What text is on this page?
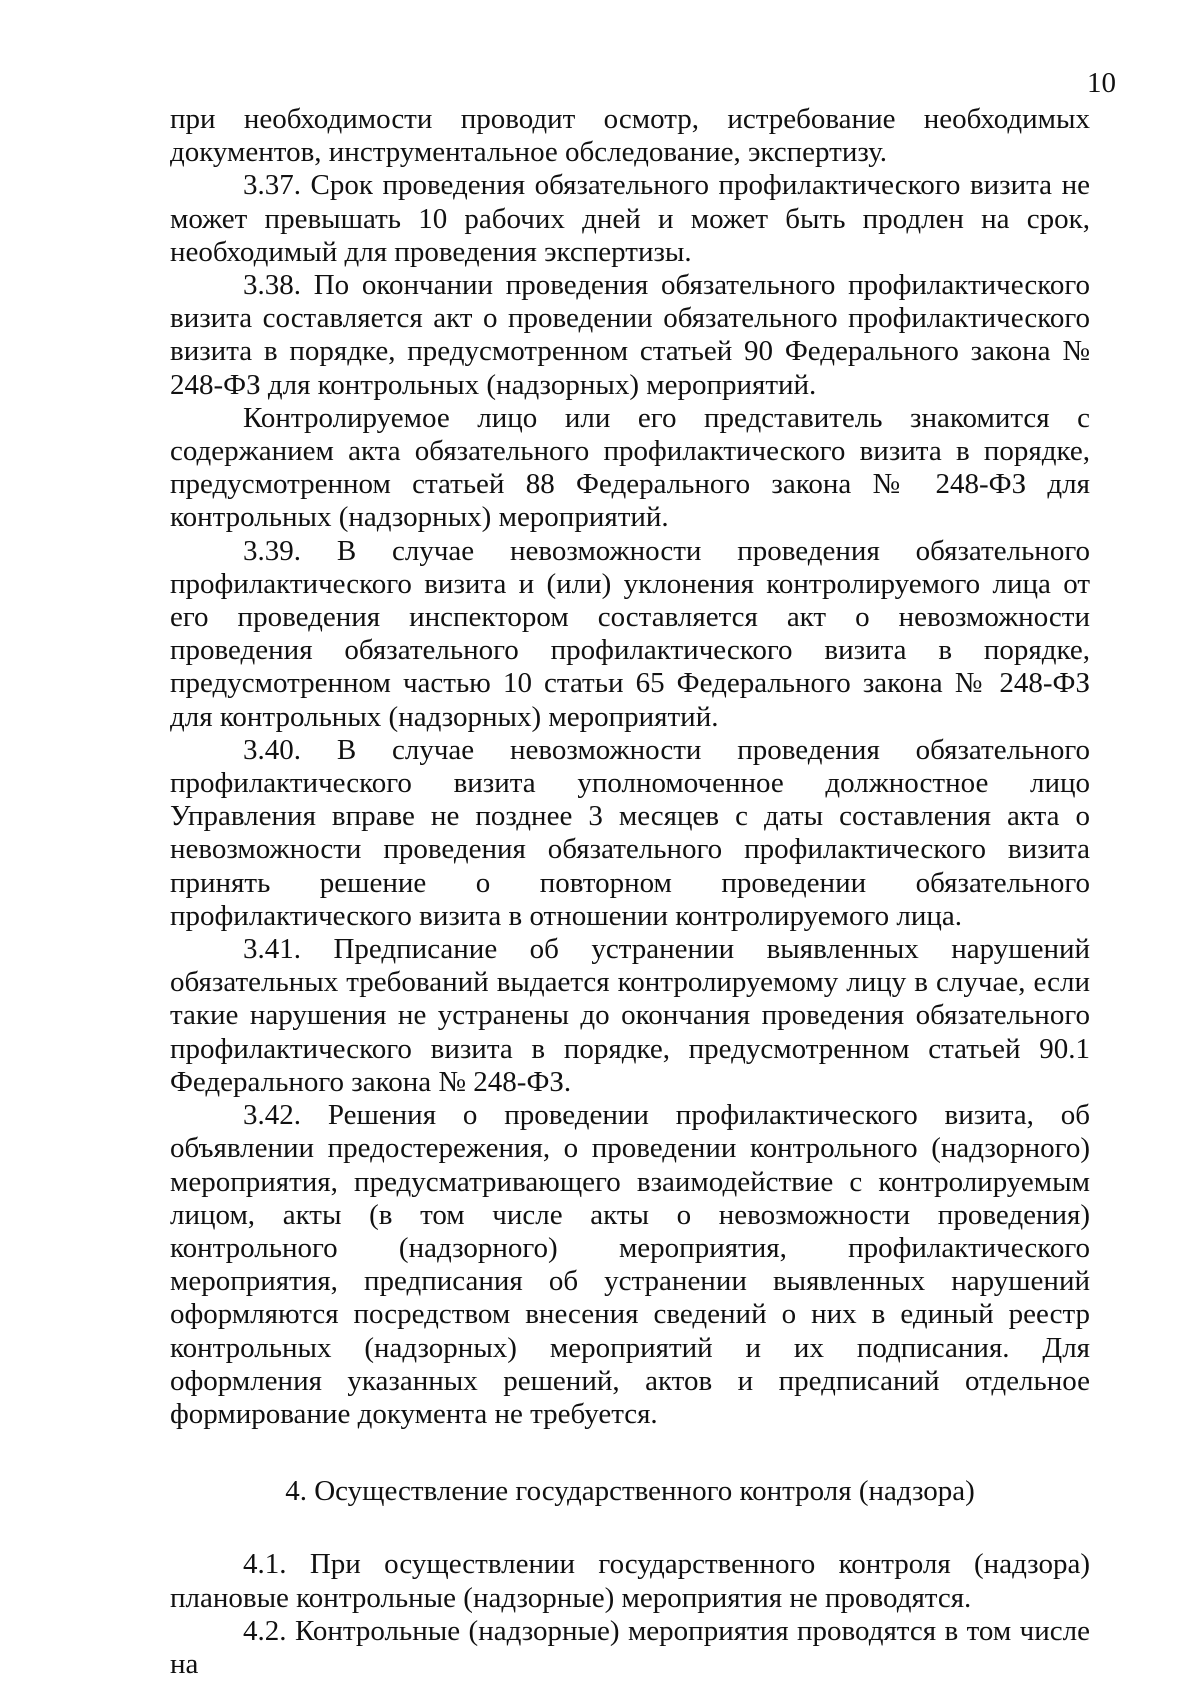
10

при необходимости проводит осмотр, истребование необходимых документов, инструментальное обследование, экспертизу.

3.37. Срок проведения обязательного профилактического визита не может превышать 10 рабочих дней и может быть продлен на срок, необходимый для проведения экспертизы.

3.38. По окончании проведения обязательного профилактического визита составляется акт о проведении обязательного профилактического визита в порядке, предусмотренном статьей 90 Федерального закона № 248-ФЗ для контрольных (надзорных) мероприятий.

Контролируемое лицо или его представитель знакомится с содержанием акта обязательного профилактического визита в порядке, предусмотренном статьей 88 Федерального закона № 248-ФЗ для контрольных (надзорных) мероприятий.

3.39. В случае невозможности проведения обязательного профилактического визита и (или) уклонения контролируемого лица от его проведения инспектором составляется акт о невозможности проведения обязательного профилактического визита в порядке, предусмотренном частью 10 статьи 65 Федерального закона № 248-ФЗ для контрольных (надзорных) мероприятий.

3.40. В случае невозможности проведения обязательного профилактического визита уполномоченное должностное лицо Управления вправе не позднее 3 месяцев с даты составления акта о невозможности проведения обязательного профилактического визита принять решение о повторном проведении обязательного профилактического визита в отношении контролируемого лица.

3.41. Предписание об устранении выявленных нарушений обязательных требований выдается контролируемому лицу в случае, если такие нарушения не устранены до окончания проведения обязательного профилактического визита в порядке, предусмотренном статьей 90.1 Федерального закона № 248-ФЗ.

3.42. Решения о проведении профилактического визита, об объявлении предостережения, о проведении контрольного (надзорного) мероприятия, предусматривающего взаимодействие с контролируемым лицом, акты (в том числе акты о невозможности проведения) контрольного (надзорного) мероприятия, профилактического мероприятия, предписания об устранении выявленных нарушений оформляются посредством внесения сведений о них в единый реестр контрольных (надзорных) мероприятий и их подписания. Для оформления указанных решений, актов и предписаний отдельное формирование документа не требуется.

4. Осуществление государственного контроля (надзора)

4.1. При осуществлении государственного контроля (надзора) плановые контрольные (надзорные) мероприятия не проводятся.

4.2. Контрольные (надзорные) мероприятия проводятся в том числе на
